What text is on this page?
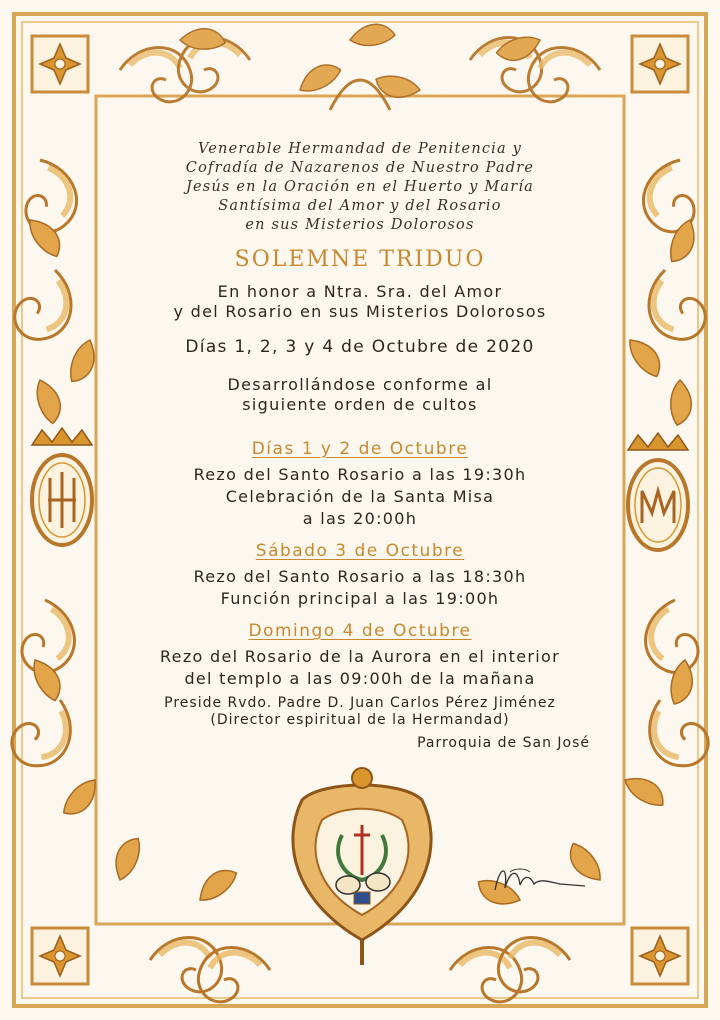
Venerable Hermandad de Penitencia y
Cofradía de Nazarenos de Nuestro Padre
Jesús en la Oración en el Huerto y María
Santísima del Amor y del Rosario
en sus Misterios Dolorosos
SOLEMNE TRIDUO
En honor a Ntra. Sra. del Amor
y del Rosario en sus Misterios Dolorosos
Días 1, 2, 3 y 4 de Octubre de 2020
Desarrollándose conforme al
siguiente orden de cultos
Días 1 y 2 de Octubre
Rezo del Santo Rosario a las 19:30h
Celebración de la Santa Misa
a las 20:00h
Sábado 3 de Octubre
Rezo del Santo Rosario a las 18:30h
Función principal a las 19:00h
Domingo 4 de Octubre
Rezo del Rosario de la Aurora en el interior
del templo a las 09:00h de la mañana
Preside Rvdo. Padre D. Juan Carlos Pérez Jiménez
(Director espiritual de la Hermandad)
Parroquia de San José
